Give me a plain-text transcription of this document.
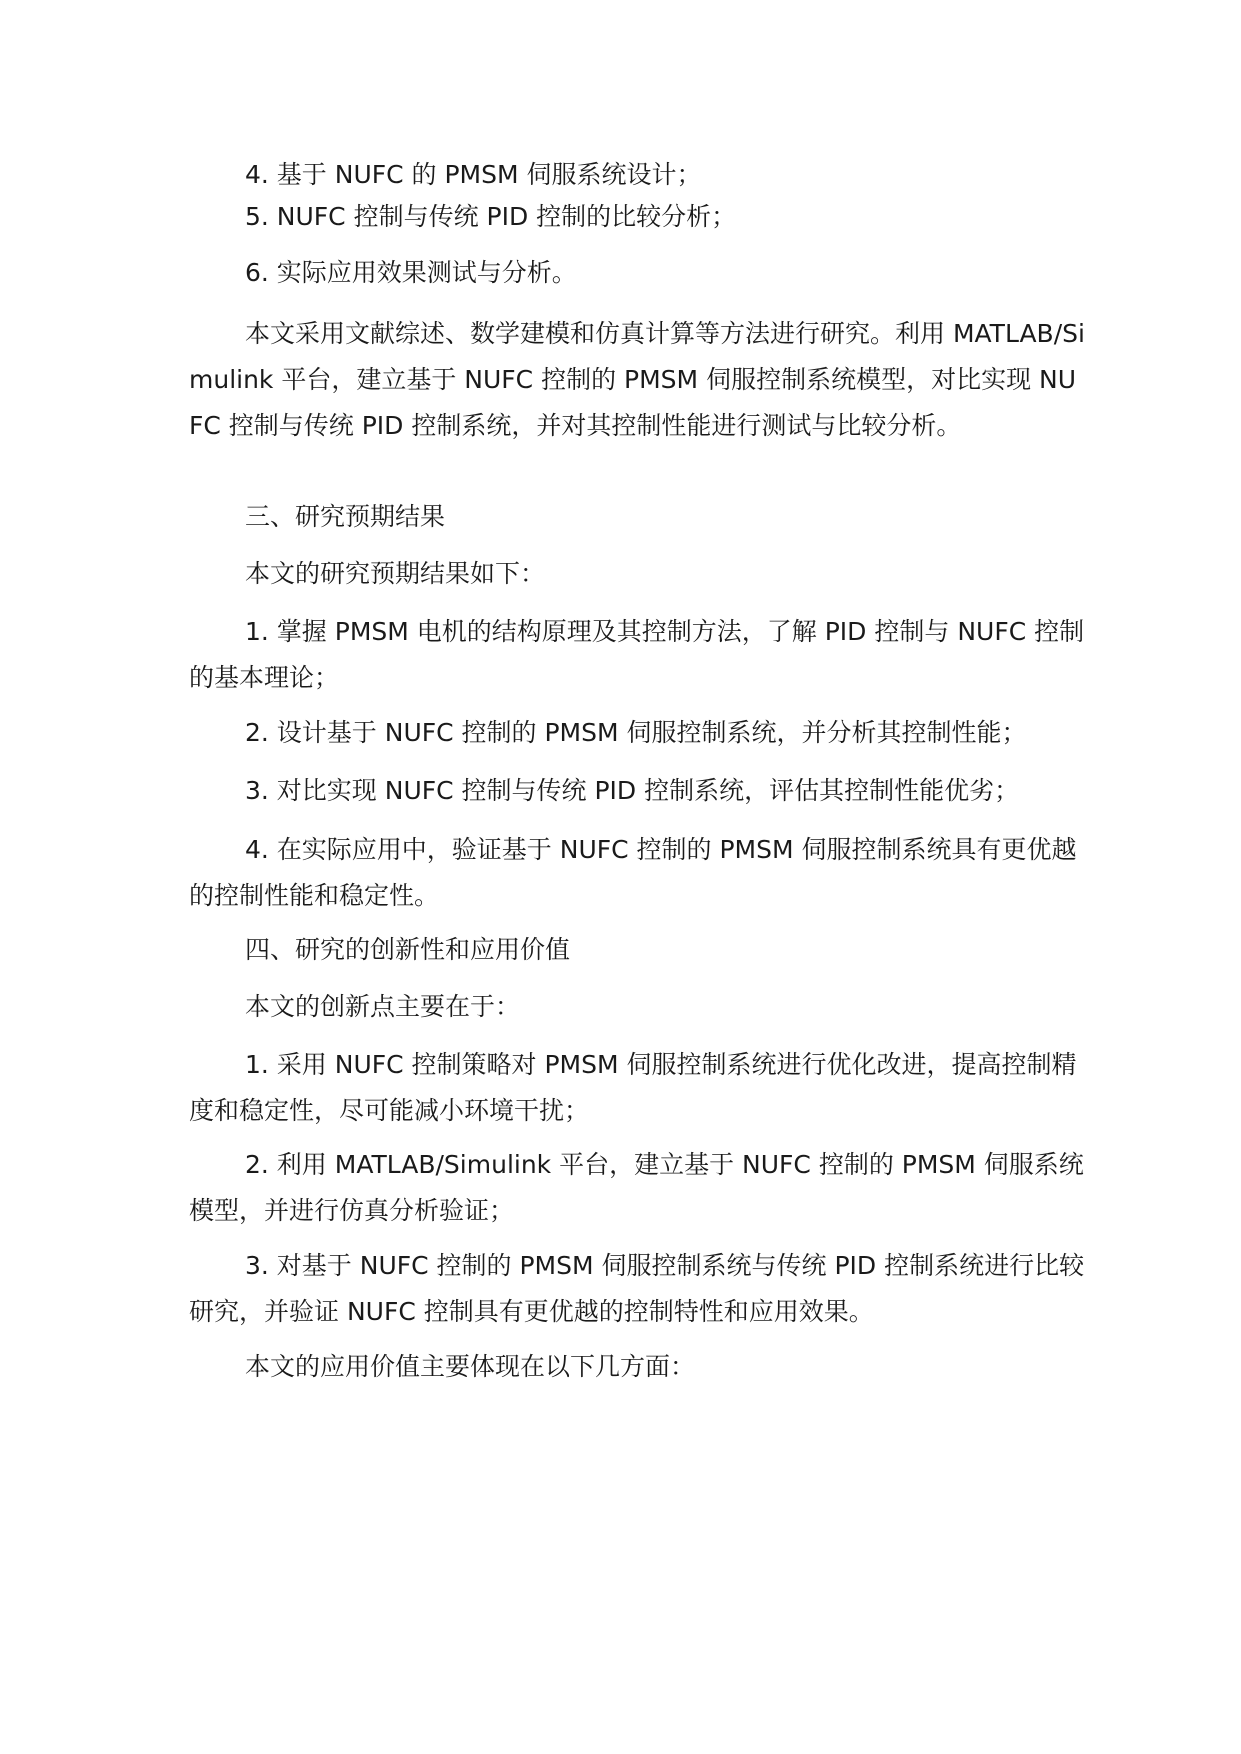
4. 基于 NUFC 的 PMSM 伺服系统设计；

5. NUFC 控制与传统 PID 控制的比较分析；

6. 实际应用效果测试与分析。

本文采用文献综述、数学建模和仿真计算等方法进行研究。利用 MATLAB/Simulink 平台，建立基于 NUFC 控制的 PMSM 伺服控制系统模型，对比实现 NUFC 控制与传统 PID 控制系统，并对其控制性能进行测试与比较分析。

三、研究预期结果

本文的研究预期结果如下：

1. 掌握 PMSM 电机的结构原理及其控制方法，了解 PID 控制与 NUFC 控制的基本理论；

2. 设计基于 NUFC 控制的 PMSM 伺服控制系统，并分析其控制性能；

3. 对比实现 NUFC 控制与传统 PID 控制系统，评估其控制性能优劣；

4. 在实际应用中，验证基于 NUFC 控制的 PMSM 伺服控制系统具有更优越的控制性能和稳定性。

四、研究的创新性和应用价值

本文的创新点主要在于：

1. 采用 NUFC 控制策略对 PMSM 伺服控制系统进行优化改进，提高控制精度和稳定性，尽可能减小环境干扰；

2. 利用 MATLAB/Simulink 平台，建立基于 NUFC 控制的 PMSM 伺服系统模型，并进行仿真分析验证；

3. 对基于 NUFC 控制的 PMSM 伺服控制系统与传统 PID 控制系统进行比较研究，并验证 NUFC 控制具有更优越的控制特性和应用效果。

本文的应用价值主要体现在以下几方面：
